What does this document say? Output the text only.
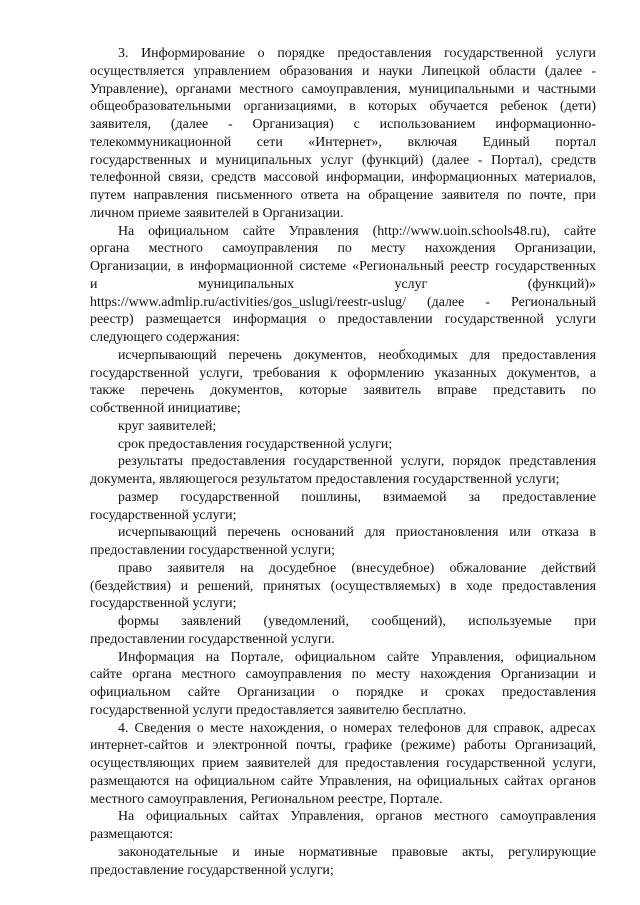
3. Информирование о порядке предоставления государственной услуги
осуществляется управлением образования и науки Липецкой области (далее -
Управление), органами местного самоуправления, муниципальными и частными
общеобразовательными организациями, в которых обучается ребенок (дети)
заявителя, (далее - Организация) с использованием информационно-
телекоммуникационной сети «Интернет», включая Единый портал
государственных и муниципальных услуг (функций) (далее - Портал), средств
телефонной связи, средств массовой информации, информационных материалов,
путем направления письменного ответа на обращение заявителя по почте, при
личном приеме заявителей в Организации.
На официальном сайте Управления (http://www.uoin.schools48.ru), сайте
органа местного самоуправления по месту нахождения Организации,
Организации, в информационной системе «Региональный реестр государственных
и муниципальных услуг (функций)»
https://www.admlip.ru/activities/gos_uslugi/reestr-uslug/ (далее - Региональный
реестр) размещается информация о предоставлении государственной услуги
следующего содержания:
исчерпывающий перечень документов, необходимых для предоставления
государственной услуги, требования к оформлению указанных документов, а
также перечень документов, которые заявитель вправе представить по
собственной инициативе;
круг заявителей;
срок предоставления государственной услуги;
результаты предоставления государственной услуги, порядок представления
документа, являющегося результатом предоставления государственной услуги;
размер государственной пошлины, взимаемой за предоставление
государственной услуги;
исчерпывающий перечень оснований для приостановления или отказа в
предоставлении государственной услуги;
право заявителя на досудебное (внесудебное) обжалование действий
(бездействия) и решений, принятых (осуществляемых) в ходе предоставления
государственной услуги;
формы заявлений (уведомлений, сообщений), используемые при
предоставлении государственной услуги.
Информация на Портале, официальном сайте Управления, официальном
сайте органа местного самоуправления по месту нахождения Организации и
официальном сайте Организации о порядке и сроках предоставления
государственной услуги предоставляется заявителю бесплатно.
4. Сведения о месте нахождения, о номерах телефонов для справок, адресах
интернет-сайтов и электронной почты, графике (режиме) работы Организаций,
осуществляющих прием заявителей для предоставления государственной услуги,
размещаются на официальном сайте Управления, на официальных сайтах органов
местного самоуправления, Региональном реестре, Портале.
На официальных сайтах Управления, органов местного самоуправления
размещаются:
законодательные и иные нормативные правовые акты, регулирующие
предоставление государственной услуги;
